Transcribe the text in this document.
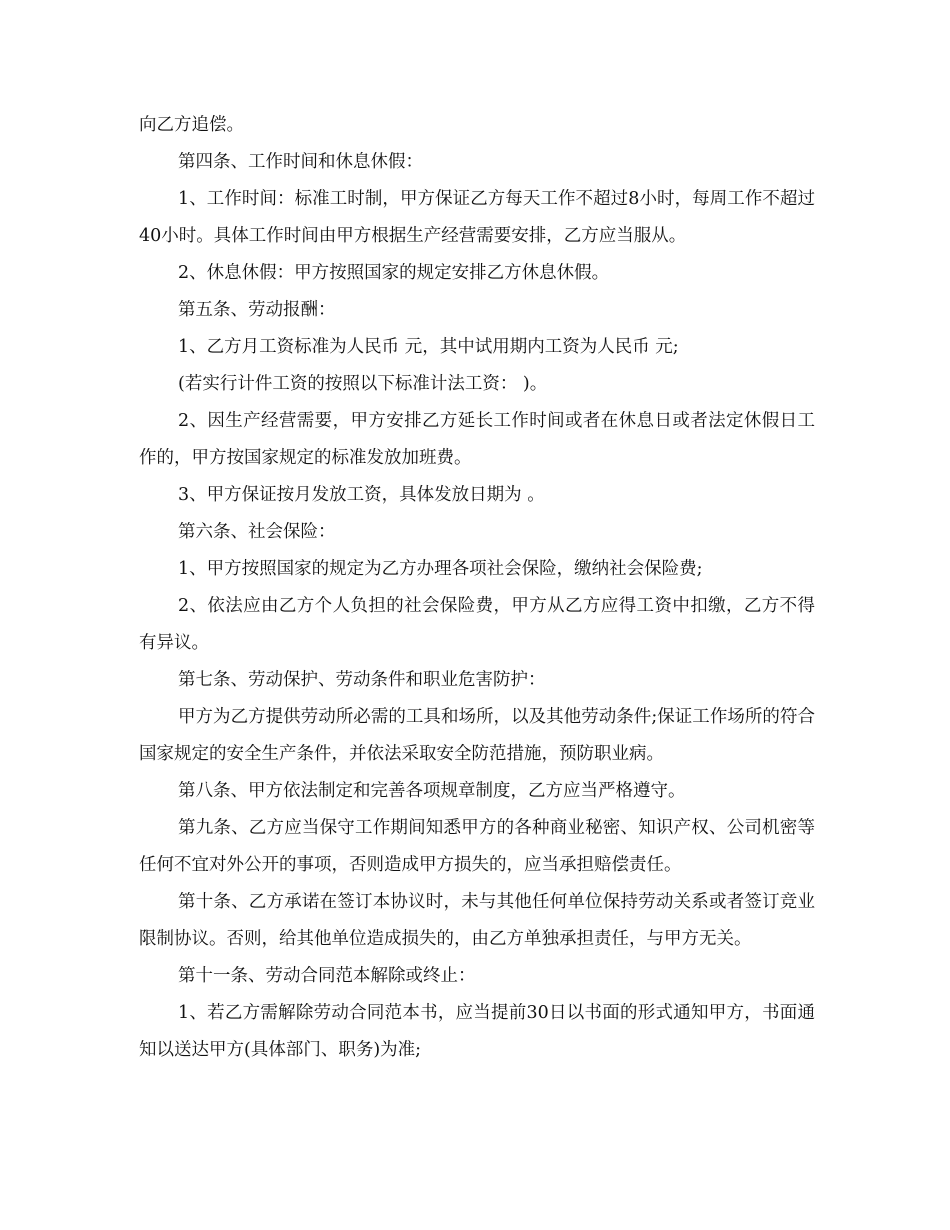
向乙方追偿。

第四条、工作时间和休息休假：

1、工作时间：标准工时制，甲方保证乙方每天工作不超过8小时，每周工作不超过40小时。具体工作时间由甲方根据生产经营需要安排，乙方应当服从。

2、休息休假：甲方按照国家的规定安排乙方休息休假。

第五条、劳动报酬：

1、乙方月工资标准为人民币 元，其中试用期内工资为人民币 元;

(若实行计件工资的按照以下标准计法工资： )。

2、因生产经营需要，甲方安排乙方延长工作时间或者在休息日或者法定休假日工作的，甲方按国家规定的标准发放加班费。

3、甲方保证按月发放工资，具体发放日期为 。

第六条、社会保险：

1、甲方按照国家的规定为乙方办理各项社会保险，缴纳社会保险费;

2、依法应由乙方个人负担的社会保险费，甲方从乙方应得工资中扣缴，乙方不得有异议。

第七条、劳动保护、劳动条件和职业危害防护：

甲方为乙方提供劳动所必需的工具和场所，以及其他劳动条件;保证工作场所的符合国家规定的安全生产条件，并依法采取安全防范措施，预防职业病。

第八条、甲方依法制定和完善各项规章制度，乙方应当严格遵守。

第九条、乙方应当保守工作期间知悉甲方的各种商业秘密、知识产权、公司机密等任何不宜对外公开的事项，否则造成甲方损失的，应当承担赔偿责任。

第十条、乙方承诺在签订本协议时，未与其他任何单位保持劳动关系或者签订竞业限制协议。否则，给其他单位造成损失的，由乙方单独承担责任，与甲方无关。

第十一条、劳动合同范本解除或终止：

1、若乙方需解除劳动合同范本书，应当提前30日以书面的形式通知甲方，书面通知以送达甲方(具体部门、职务)为准;
